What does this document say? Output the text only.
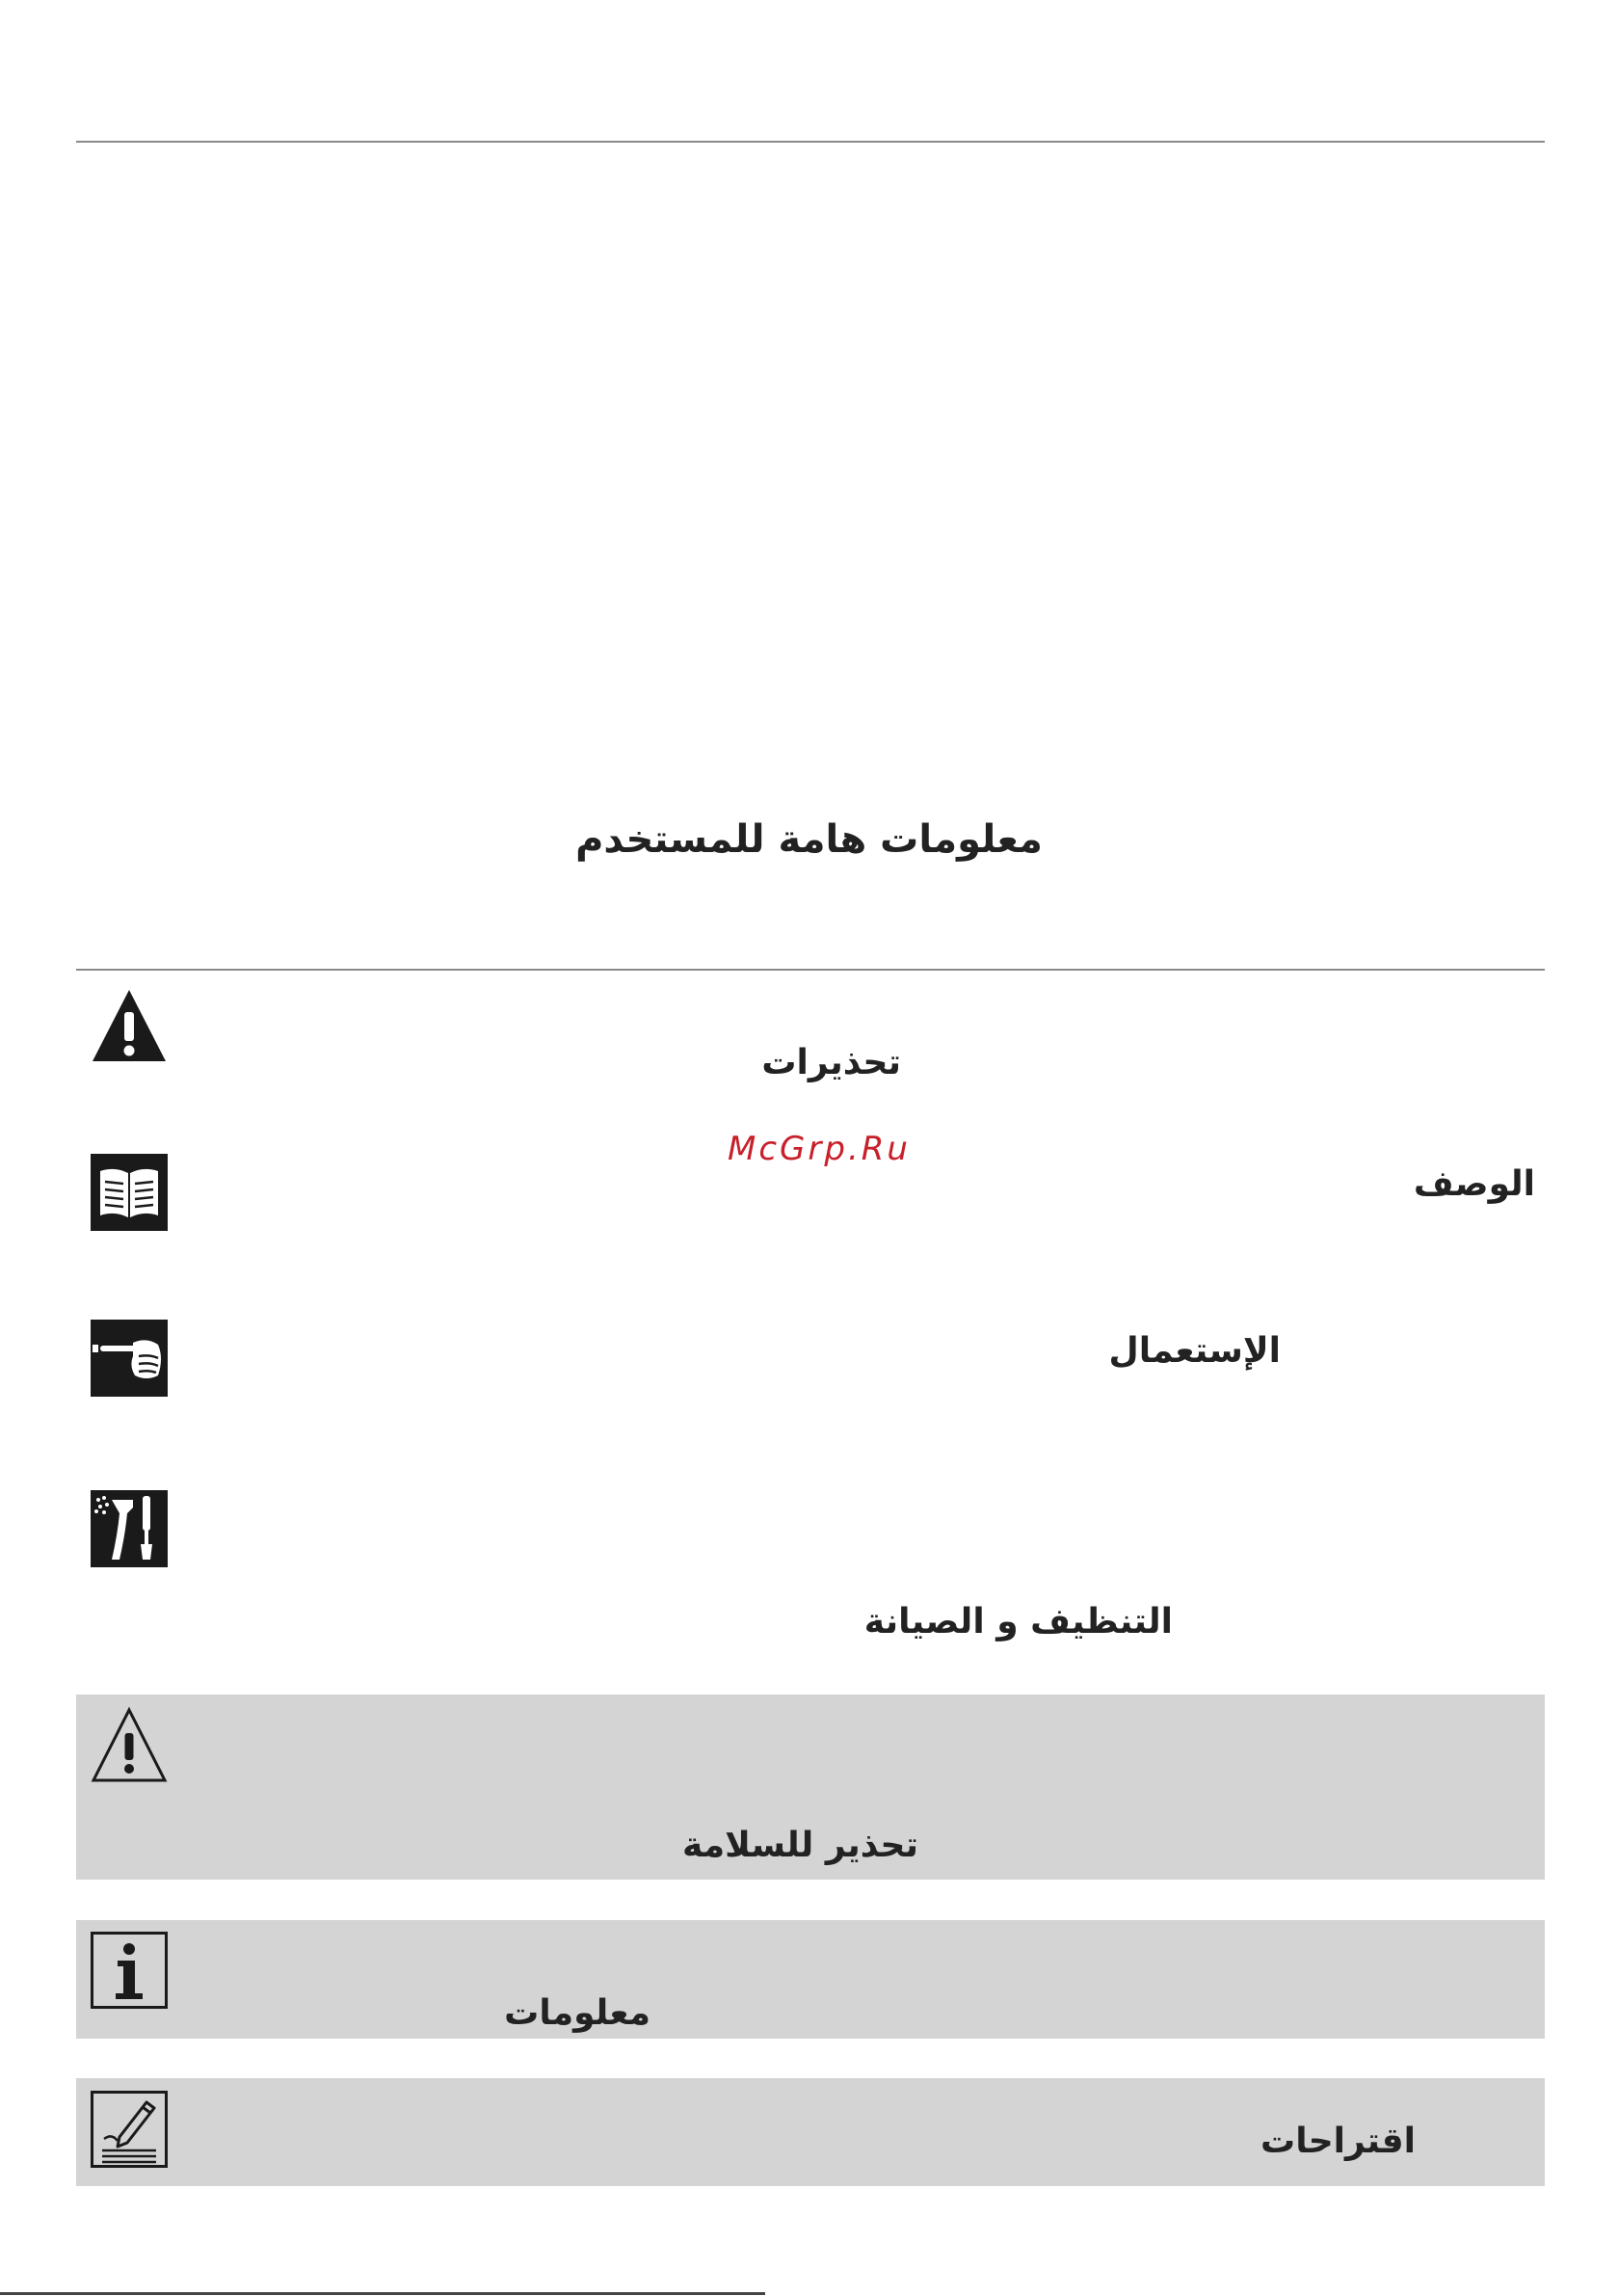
معلومات هامة للمستخدم
McGrp.Ru
تحذيرات
الوصف
الإستعمال
التنظيف و الصيانة
تحذير للسلامة
معلومات
اقتراحات
